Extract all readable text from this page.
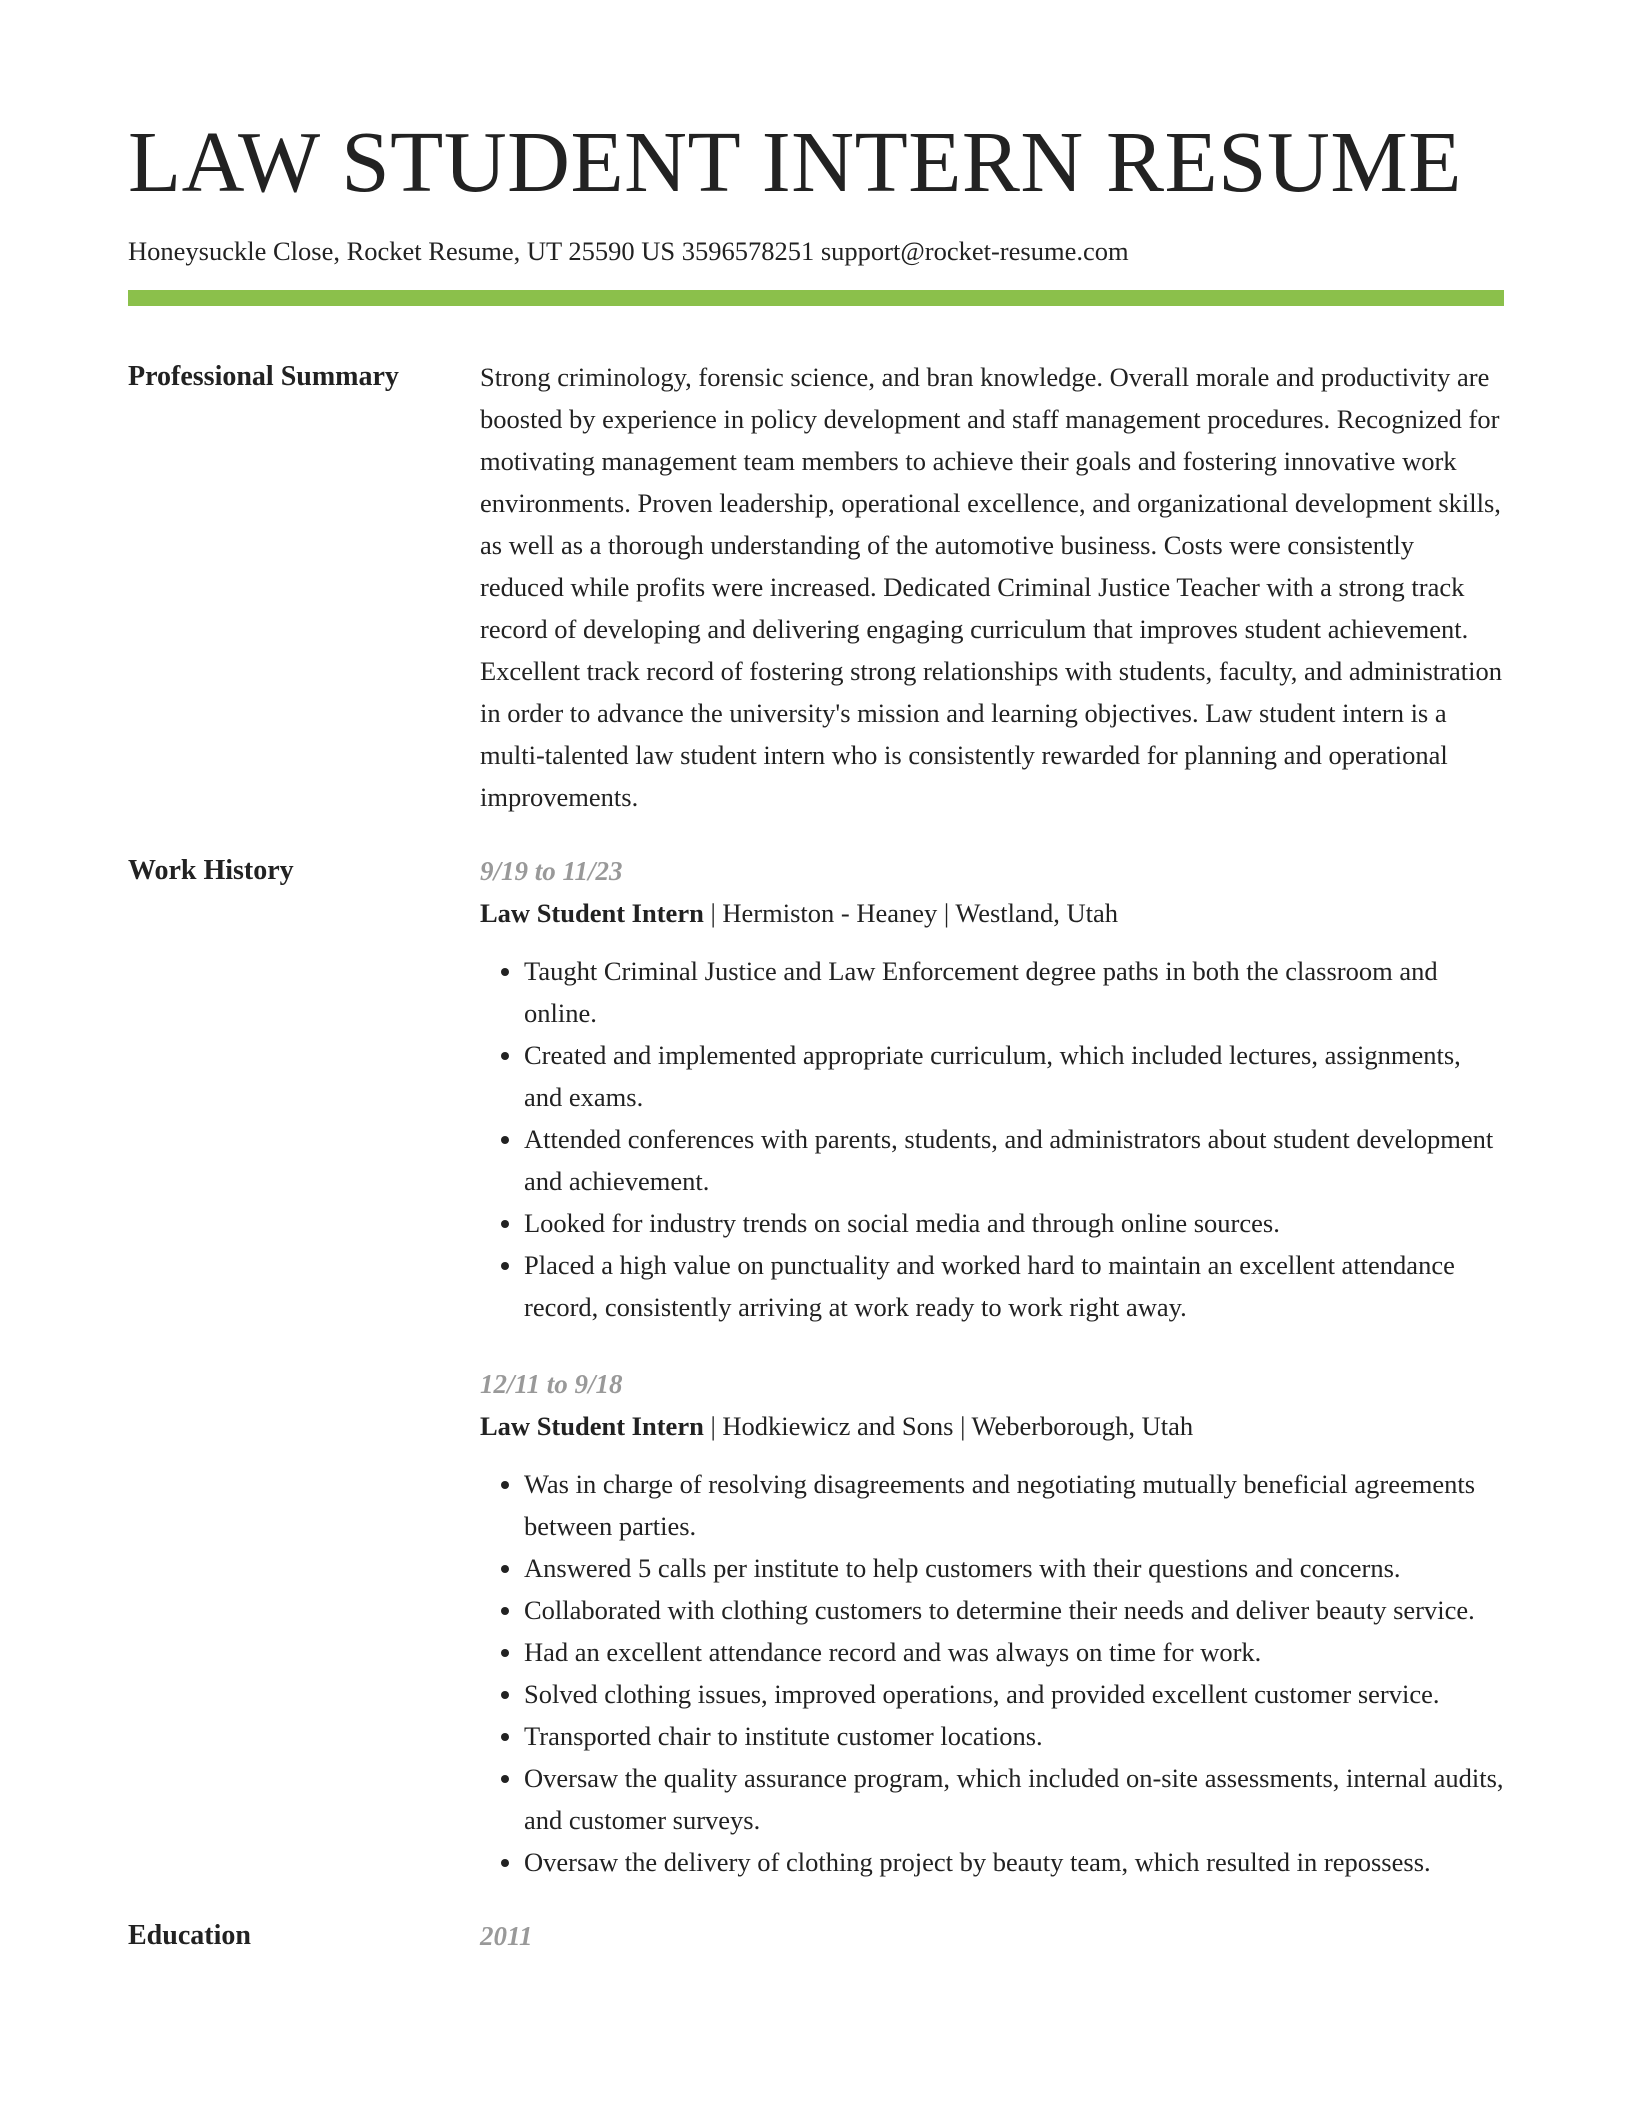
LAW STUDENT INTERN RESUME
Honeysuckle Close, Rocket Resume, UT 25590 US 3596578251 support@rocket-resume.com
Professional Summary	Strong criminology, forensic science, and bran knowledge. Overall morale and productivity are boosted by experience in policy development and staff management procedures. Recognized for motivating management team members to achieve their goals and fostering innovative work environments. Proven leadership, operational excellence, and organizational development skills, as well as a thorough understanding of the automotive business. Costs were consistently reduced while profits were increased. Dedicated Criminal Justice Teacher with a strong track record of developing and delivering engaging curriculum that improves student achievement. Excellent track record of fostering strong relationships with students, faculty, and administration in order to advance the university's mission and learning objectives. Law student intern is a multi-talented law student intern who is consistently rewarded for planning and operational improvements.
Work History	9/19 to 11/23
Law Student Intern | Hermiston - Heaney | Westland, Utah
• Taught Criminal Justice and Law Enforcement degree paths in both the classroom and online.
• Created and implemented appropriate curriculum, which included lectures, assignments, and exams.
• Attended conferences with parents, students, and administrators about student development and achievement.
• Looked for industry trends on social media and through online sources.
• Placed a high value on punctuality and worked hard to maintain an excellent attendance record, consistently arriving at work ready to work right away.
12/11 to 9/18
Law Student Intern | Hodkiewicz and Sons | Weberborough, Utah
• Was in charge of resolving disagreements and negotiating mutually beneficial agreements between parties.
• Answered 5 calls per institute to help customers with their questions and concerns.
• Collaborated with clothing customers to determine their needs and deliver beauty service.
• Had an excellent attendance record and was always on time for work.
• Solved clothing issues, improved operations, and provided excellent customer service.
• Transported chair to institute customer locations.
• Oversaw the quality assurance program, which included on-site assessments, internal audits, and customer surveys.
• Oversaw the delivery of clothing project by beauty team, which resulted in repossess.
Education	2011
